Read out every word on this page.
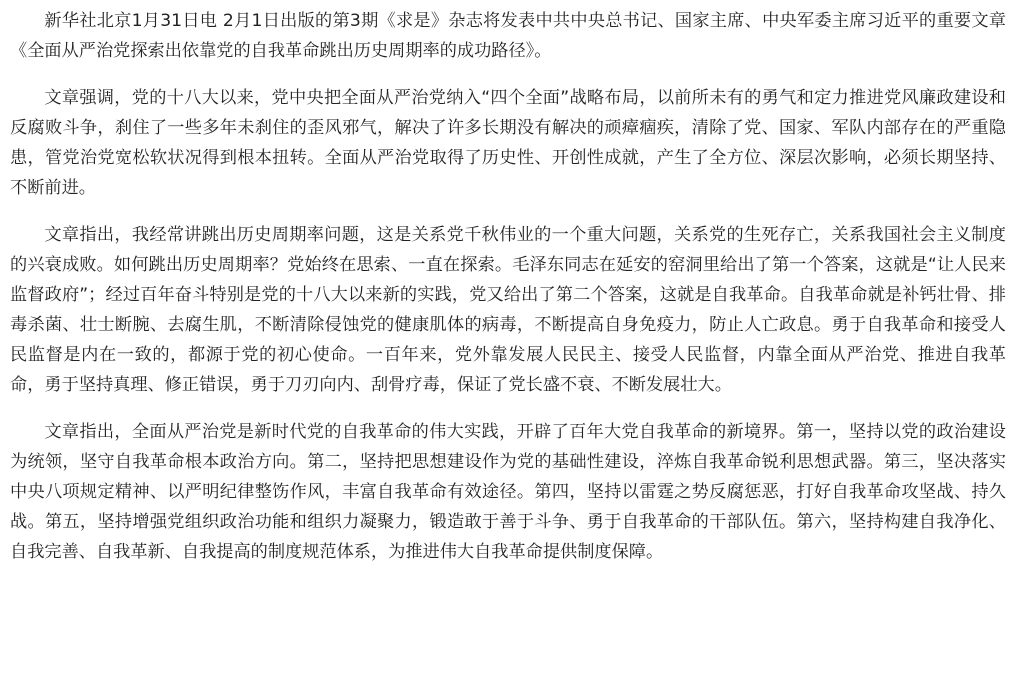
新华社北京1月31日电 2月1日出版的第3期《求是》杂志将发表中共中央总书记、国家主席、中央军委主席习近平的重要文章《全面从严治党探索出依靠党的自我革命跳出历史周期率的成功路径》。

文章强调，党的十八大以来，党中央把全面从严治党纳入“四个全面”战略布局，以前所未有的勇气和定力推进党风廉政建设和反腐败斗争，刹住了一些多年未刹住的歪风邪气，解决了许多长期没有解决的顽瘴痼疾，清除了党、国家、军队内部存在的严重隐患，管党治党宽松软状况得到根本扭转。全面从严治党取得了历史性、开创性成就，产生了全方位、深层次影响，必须长期坚持、不断前进。

文章指出，我经常讲跳出历史周期率问题，这是关系党千秋伟业的一个重大问题，关系党的生死存亡，关系我国社会主义制度的兴衰成败。如何跳出历史周期率？党始终在思索、一直在探索。毛泽东同志在延安的窑洞里给出了第一个答案，这就是“让人民来监督政府”；经过百年奋斗特别是党的十八大以来新的实践，党又给出了第二个答案，这就是自我革命。自我革命就是补钙壮骨、排毒杀菌、壮士断腕、去腐生肌，不断清除侵蚀党的健康肌体的病毒，不断提高自身免疫力，防止人亡政息。勇于自我革命和接受人民监督是内在一致的，都源于党的初心使命。一百年来，党外靠发展人民民主、接受人民监督，内靠全面从严治党、推进自我革命，勇于坚持真理、修正错误，勇于刀刃向内、刮骨疗毒，保证了党长盛不衰、不断发展壮大。

文章指出，全面从严治党是新时代党的自我革命的伟大实践，开辟了百年大党自我革命的新境界。第一，坚持以党的政治建设为统领，坚守自我革命根本政治方向。第二，坚持把思想建设作为党的基础性建设，淬炼自我革命锐利思想武器。第三，坚决落实中央八项规定精神、以严明纪律整饬作风，丰富自我革命有效途径。第四，坚持以雷霆之势反腐惩恶，打好自我革命攻坚战、持久战。第五，坚持增强党组织政治功能和组织力凝聚力，锻造敢于善于斗争、勇于自我革命的干部队伍。第六，坚持构建自我净化、自我完善、自我革新、自我提高的制度规范体系，为推进伟大自我革命提供制度保障。
